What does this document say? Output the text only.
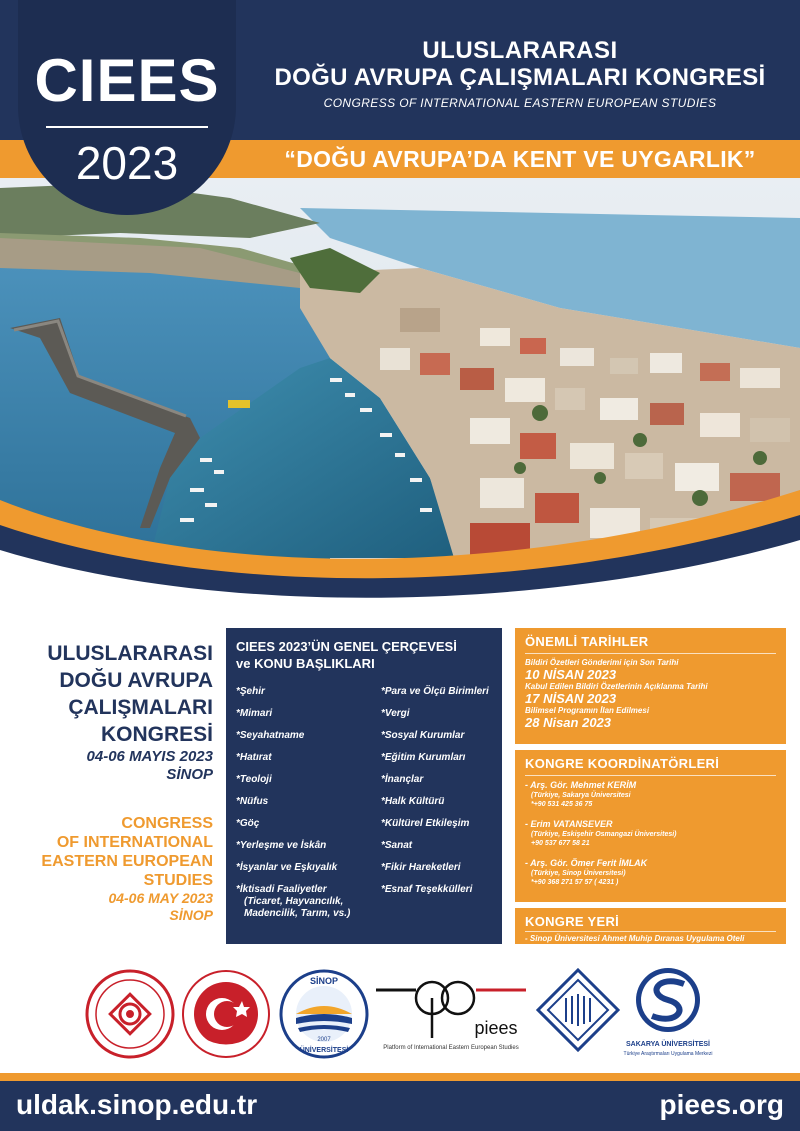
ULUSLARARASI
DOĞU AVRUPA ÇALIŞMALARI KONGRESİ
CONGRESS OF INTERNATIONAL EASTERN EUROPEAN STUDIES
“DOĞU AVRUPA’DA KENT VE UYGARLIK”
CIEES
2023
ULUSLARARASI
DOĞU AVRUPA
ÇALIŞMALARI
KONGRESİ
04-06 MAYIS 2023
SİNOP
CONGRESS
OF INTERNATIONAL
EASTERN EUROPEAN
STUDIES
04-06 MAY 2023
SİNOP
CIEES 2023’ÜN GENEL ÇERÇEVESİ
ve KONU BAŞLIKLARI
*Şehir
*Mimari
*Seyahatname
*Hatırat
*Teoloji
*Nüfus
*Göç
*Yerleşme ve İskân
*İsyanlar ve Eşkıyalık
*İktisadi Faaliyetler
(Ticaret, Hayvancılık,
Madencilik, Tarım, vs.)
*Para ve Ölçü Birimleri
*Vergi
*Sosyal Kurumlar
*Eğitim Kurumları
*İnançlar
*Halk Kültürü
*Kültürel Etkileşim
*Sanat
*Fikir Hareketleri
*Esnaf Teşekkülleri
ÖNEMLİ TARİHLER
Bildiri Özetleri Gönderimi için Son Tarihi
10 NİSAN 2023
Kabul Edilen Bildiri Özetlerinin Açıklanma Tarihi
17 NİSAN 2023
Bilimsel Programın İlan Edilmesi
28 Nisan 2023
KONGRE KOORDİNATÖRLERİ
- Arş. Gör. Mehmet KERİM
(Türkiye, Sakarya Üniversitesi
*+90 531 425 36 75
- Erim VATANSEVER
(Türkiye, Eskişehir Osmangazi Üniversitesi)
+90 537 677 58 21
- Arş. Gör. Ömer Ferit İMLAK
(Türkiye, Sinop Üniversitesi)
*+90 368 271 57 57 ( 4231 )
KONGRE YERİ
- Sinop Üniversitesi Ahmet Muhip Dıranas Uygulama Oteli
SİNOP
ÜNİVERSİTESİ
2007
piees
Platform of International Eastern European Studies	SAKARYA ÜNİVERSİTESİ
Türkiye Araştırmaları Uygulama Merkezi
uldak.sinop.edu.tr	piees.org
